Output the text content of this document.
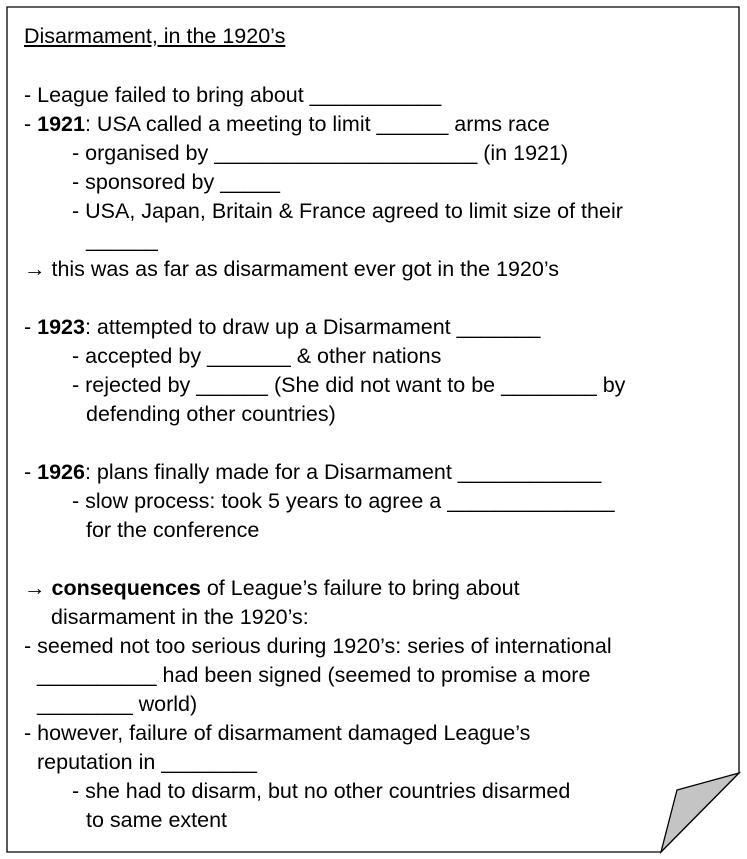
Disarmament, in the 1920’s
- League failed to bring about ___________
- 1921: USA called a meeting to limit ______ arms race
- organised by ______________________ (in 1921)
- sponsored by _____
- USA, Japan, Britain & France agreed to limit size of their
______
→ this was as far as disarmament ever got in the 1920’s
- 1923: attempted to draw up a Disarmament _______
- accepted by _______ & other nations
- rejected by ______ (She did not want to be ________ by
defending other countries)
- 1926: plans finally made for a Disarmament ____________
- slow process: took 5 years to agree a ______________
for the conference
→ consequences of League’s failure to bring about
disarmament in the 1920’s:
- seemed not too serious during 1920’s: series of international
__________ had been signed (seemed to promise a more
________ world)
- however, failure of disarmament damaged League’s
reputation in ________
- she had to disarm, but no other countries disarmed
to same extent
